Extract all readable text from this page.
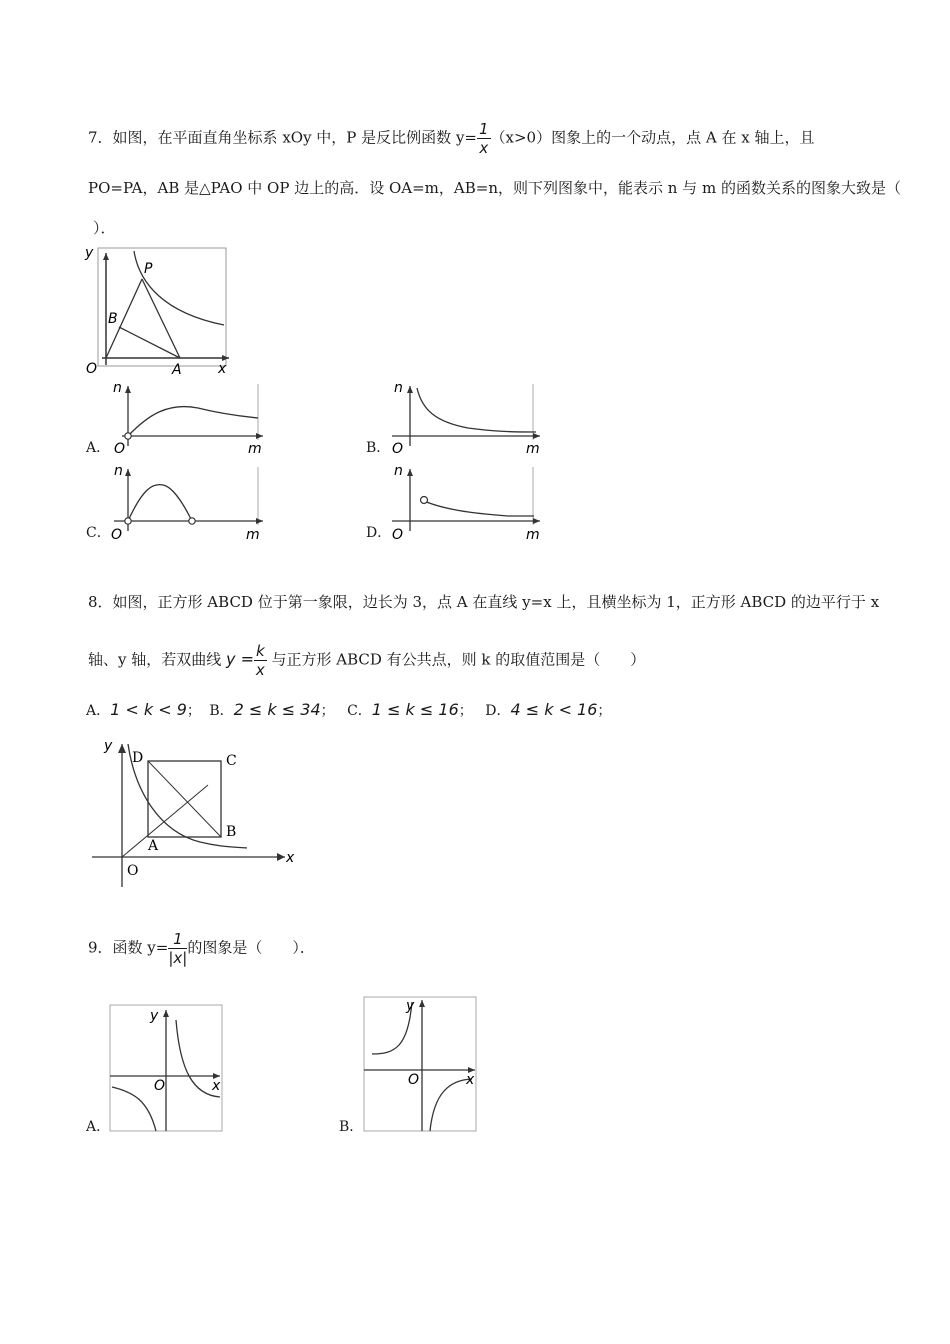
7．如图，在平面直角坐标系 xOy 中，P 是反比例函数 $y= \frac{1}{x} (x>0)$图象上的一个动点，点 A 在 x 轴上，且
PO=PA，AB 是△PAO 中 OP 边上的高．设 OA=m，AB=n，则下列图象中，能表示 n 与 m 的函数关系的图象大致是（
）．
y
x
O
P
B
A
A．
n
O	m	B．
n
O	m
C．
n
O	m	D．
n
O	m
8．如图，正方形 ABCD 位于第一象限，边长为 3，点 A 在直线 y=x 上，且横坐标为 1，正方形 ABCD 的边平行于 x
轴、y 轴，若双曲线 $y = \frac{k}{x}$ 与正方形 ABCD 有公共点，则 k 的取值范围是（　　）
A．1 < k < 9； B．2 ≤ k ≤ 34； C．1 ≤ k ≤ 16； D．4 ≤ k < 16；
y
x
O
A
B
C
D
9．函数 $y= \frac{1}{|x|}$ 的图象是（　　）．
A．
y
x
O
B．
y
x
O
